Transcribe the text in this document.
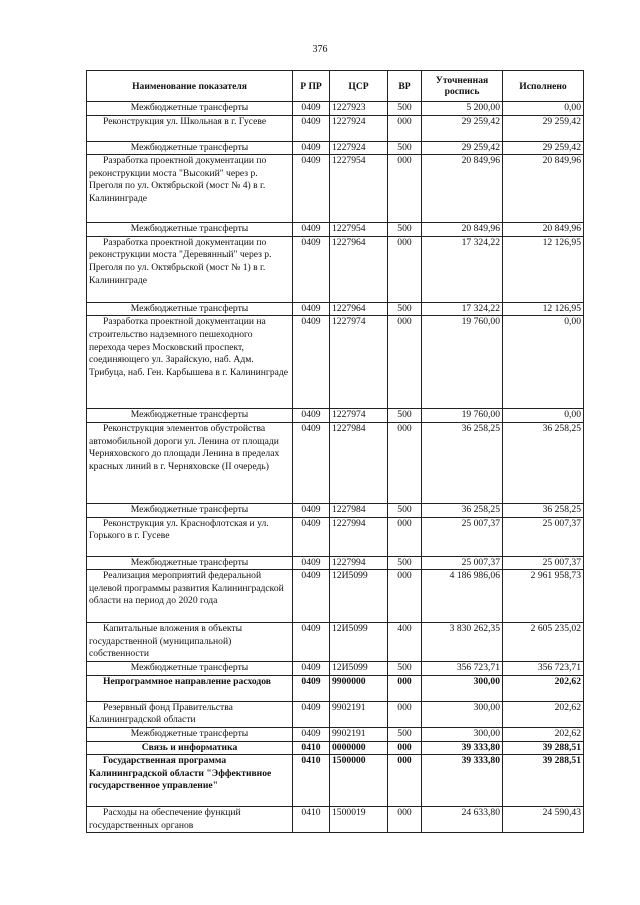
376
Наименование показателя	Р ПР	ЦСР	ВР	Уточненная роспись	Исполнено

Межбюджетные трансферты	0409	1227923	500	5 200,00	0,00

Реконструкция ул. Школьная в г. Гусеве	0409	1227924	000	29 259,42	29 259,42

Межбюджетные трансферты	0409	1227924	500	29 259,42	29 259,42

Разработка проектной документации по реконструкции моста "Высокий" через р. Преголя по ул. Октябрьской (мост № 4) в г. Калининграде	0409	1227954	000	20 849,96	20 849,96

Межбюджетные трансферты	0409	1227954	500	20 849,96	20 849,96

Разработка проектной документации по реконструкции моста "Деревянный" через р. Преголя по ул. Октябрьской (мост № 1) в г. Калининграде	0409	1227964	000	17 324,22	12 126,95

Межбюджетные трансферты	0409	1227964	500	17 324,22	12 126,95

Разработка проектной документации на строительство надземного пешеходного перехода через Московский проспект, соединяющего ул. Зарайскую, наб. Адм. Трибуца, наб. Ген. Карбышева в г. Калининграде	0409	1227974	000	19 760,00	0,00

Межбюджетные трансферты	0409	1227974	500	19 760,00	0,00

Реконструкция элементов обустройства автомобильной дороги ул. Ленина от площади Черняховского до площади Ленина в пределах красных линий в г. Черняховске (II очередь)	0409	1227984	000	36 258,25	36 258,25

Межбюджетные трансферты	0409	1227984	500	36 258,25	36 258,25

Реконструкция ул. Краснофлотская и ул. Горького в г. Гусеве	0409	1227994	000	25 007,37	25 007,37

Межбюджетные трансферты	0409	1227994	500	25 007,37	25 007,37

Реализация мероприятий федеральной целевой программы развития Калининградской области на период до 2020 года	0409	12И5099	000	4 186 986,06	2 961 958,73

Капитальные вложения в объекты государственной (муниципальной) собственности	0409	12И5099	400	3 830 262,35	2 605 235,02

Межбюджетные трансферты	0409	12И5099	500	356 723,71	356 723,71

Непрограммное направление расходов	0409	9900000	000	300,00	202,62

Резервный фонд Правительства Калининградской области	0409	9902191	000	300,00	202,62

Межбюджетные трансферты	0409	9902191	500	300,00	202,62

Связь и информатика	0410	0000000	000	39 333,80	39 288,51

Государственная программа Калининградской области "Эффективное государственное управление"	0410	1500000	000	39 333,80	39 288,51

Расходы на обеспечение функций государственных органов	0410	1500019	000	24 633,80	24 590,43
